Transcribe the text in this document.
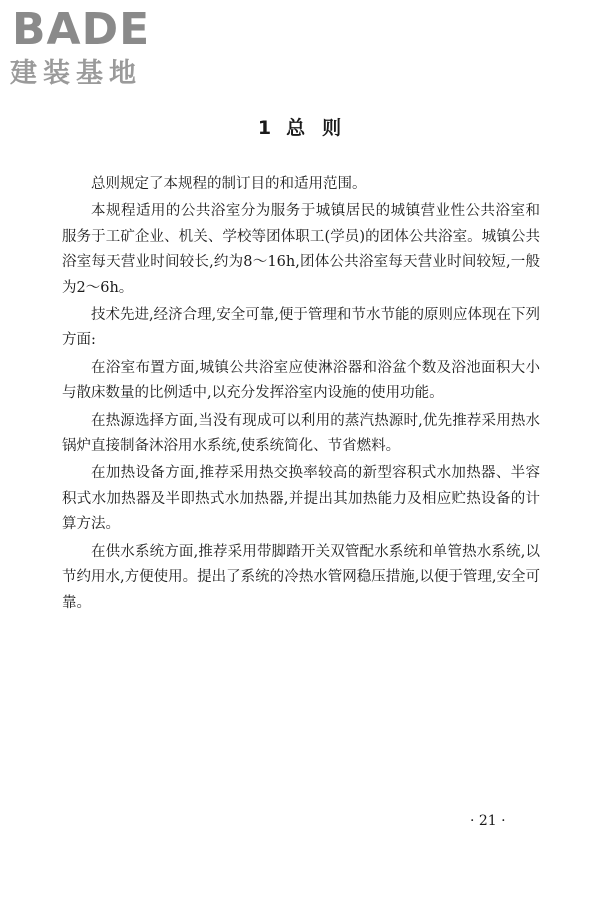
BADE
建装基地
1 总 则

总则规定了本规程的制订目的和适用范围。

本规程适用的公共浴室分为服务于城镇居民的城镇营业性公共浴室和服务于工矿企业、机关、学校等团体职工(学员)的团体公共浴室。城镇公共浴室每天营业时间较长,约为8～16h,团体公共浴室每天营业时间较短,一般为2～6h。

技术先进,经济合理,安全可靠,便于管理和节水节能的原则应体现在下列方面:

在浴室布置方面,城镇公共浴室应使淋浴器和浴盆个数及浴池面积大小与散床数量的比例适中,以充分发挥浴室内设施的使用功能。

在热源选择方面,当没有现成可以利用的蒸汽热源时,优先推荐采用热水锅炉直接制备沐浴用水系统,使系统简化、节省燃料。

在加热设备方面,推荐采用热交换率较高的新型容积式水加热器、半容积式水加热器及半即热式水加热器,并提出其加热能力及相应贮热设备的计算方法。

在供水系统方面,推荐采用带脚踏开关双管配水系统和单管热水系统,以节约用水,方便使用。提出了系统的冷热水管网稳压措施,以便于管理,安全可靠。

· 21 ·
